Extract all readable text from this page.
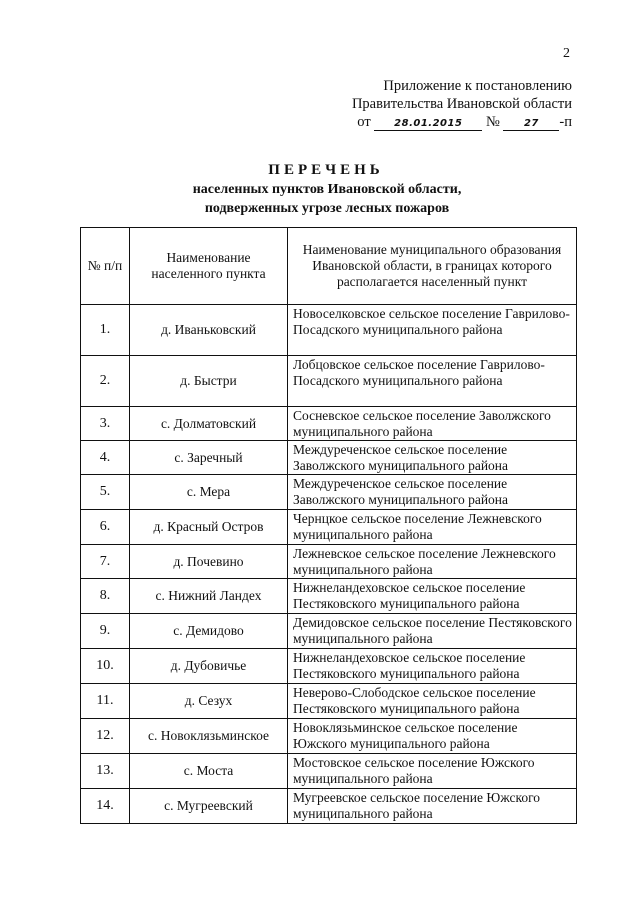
2
Приложение к постановлению
Правительства Ивановской области
от 28.01.2015 № 27 -п
ПЕРЕЧЕНЬ
населенных пунктов Ивановской области,
подверженных угрозе лесных пожаров
№ п/п	Наименование населенного пункта	Наименование муниципального образования Ивановской области, в границах которого располагается населенный пункт
1.	д. Иваньковский	Новоселковское сельское поселение Гаврилово-Посадского муниципального района
2.	д. Быстри	Лобцовское сельское поселение Гаврилово-Посадского муниципального района
3.	с. Долматовский	Сосневское сельское поселение Заволжского муниципального района
4.	с. Заречный	Междуреченское сельское поселение Заволжского муниципального района
5.	с. Мера	Междуреченское сельское поселение Заволжского муниципального района
6.	д. Красный Остров	Чернцкое сельское поселение Лежневского муниципального района
7.	д. Почевино	Лежневское сельское поселение Лежневского муниципального района
8.	с. Нижний Ландех	Нижнеландеховское сельское поселение Пестяковского муниципального района
9.	с. Демидово	Демидовское сельское поселение Пестяковского муниципального района
10.	д. Дубовичье	Нижнеландеховское сельское поселение Пестяковского муниципального района
11.	д. Сезух	Неверово-Слободское сельское поселение Пестяковского муниципального района
12.	с. Новоклязьминское	Новоклязьминское сельское поселение Южского муниципального района
13.	с. Моста	Мостовское сельское поселение Южского муниципального района
14.	с. Мугреевский	Мугреевское сельское поселение Южского муниципального района
